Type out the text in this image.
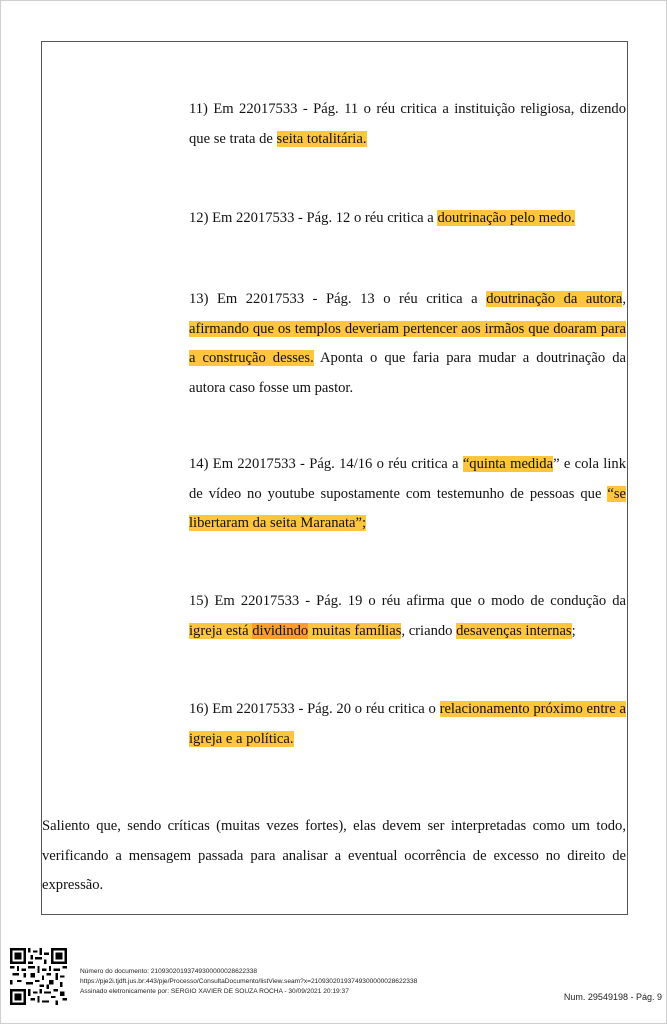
11) Em 22017533 - Pág. 11 o réu critica a instituição religiosa, dizendo que se trata de seita totalitária.

12) Em 22017533 - Pág. 12 o réu critica a doutrinação pelo medo.

13) Em 22017533 - Pág. 13 o réu critica a doutrinação da autora, afirmando que os templos deveriam pertencer aos irmãos que doaram para a construção desses. Aponta o que faria para mudar a doutrinação da autora caso fosse um pastor.

14) Em 22017533 - Pág. 14/16 o réu critica a “quinta medida” e cola link de vídeo no youtube supostamente com testemunho de pessoas que “se libertaram da seita Maranata”;

15) Em 22017533 - Pág. 19 o réu afirma que o modo de condução da igreja está dividindo muitas famílias, criando desavenças internas;

16) Em 22017533 - Pág. 20 o réu critica o relacionamento próximo entre a igreja e a política.

Saliento que, sendo críticas (muitas vezes fortes), elas devem ser interpretadas como um todo, verificando a mensagem passada para analisar a eventual ocorrência de excesso no direito de expressão.

Número do documento: 21093020193749300000028622338
https://pje2i.tjdft.jus.br:443/pje/Processo/ConsultaDocumento/listView.seam?x=21093020193749300000028622338
Assinado eletronicamente por: SERGIO XAVIER DE SOUZA ROCHA - 30/09/2021 20:19:37
Num. 29549198 - Pág. 9
